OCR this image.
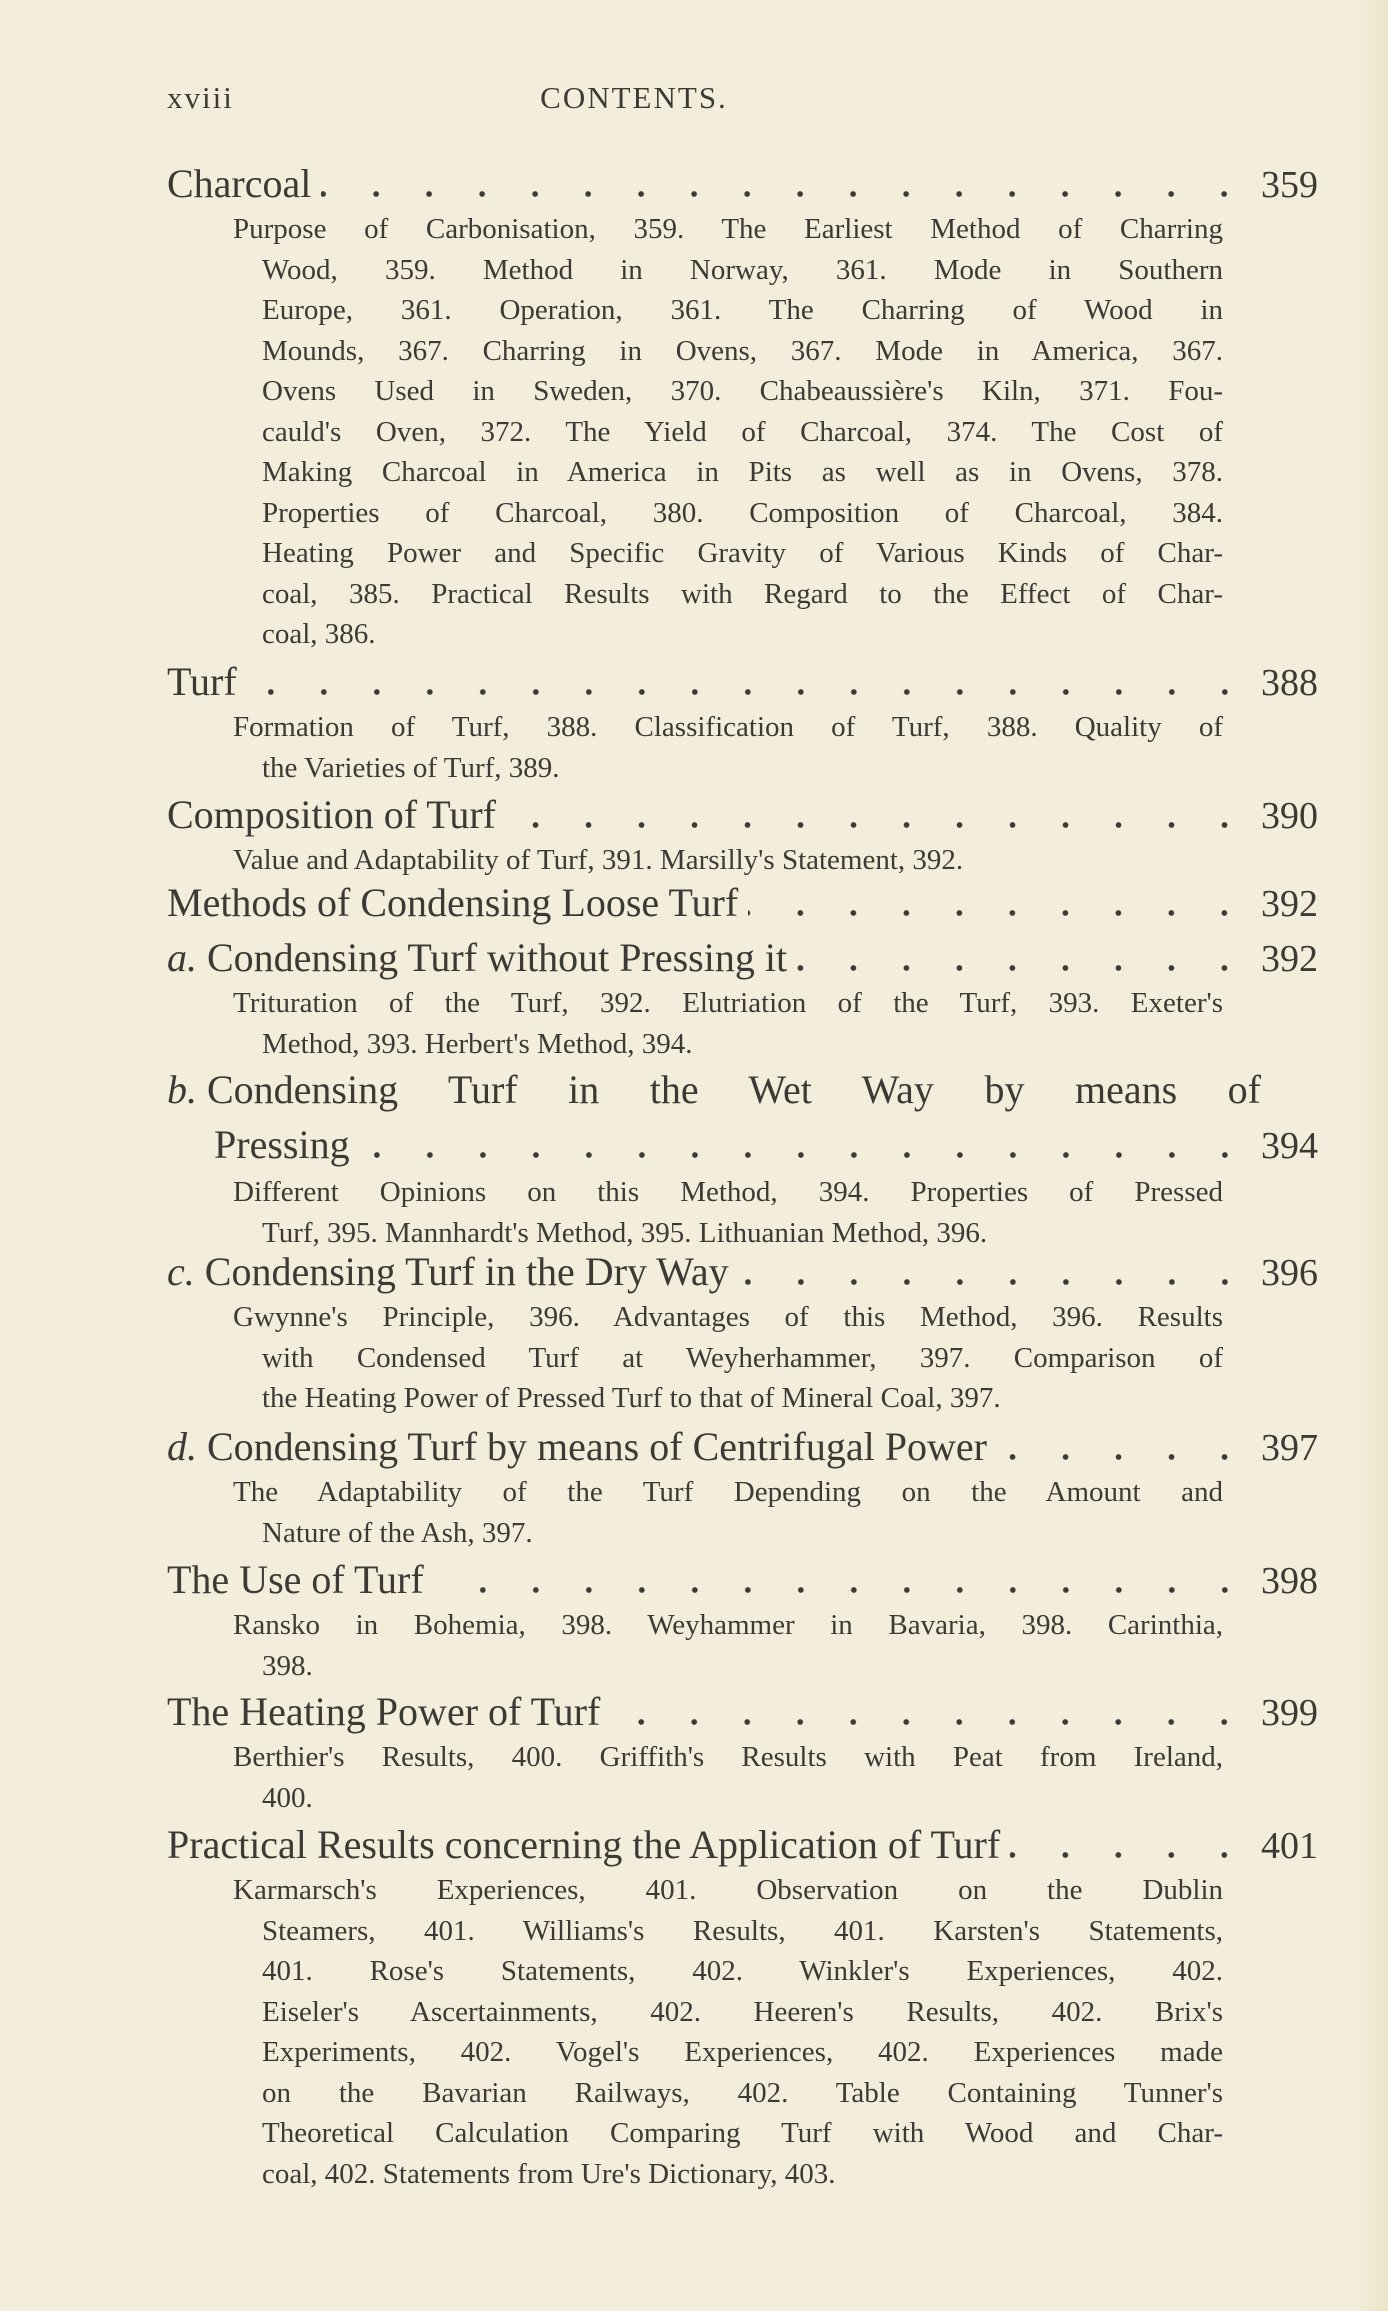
xviii	CONTENTS.
Charcoal	359
Purpose of Carbonisation, 359. The Earliest Method of Charring
Wood, 359. Method in Norway, 361. Mode in Southern
Europe, 361. Operation, 361. The Charring of Wood in
Mounds, 367. Charring in Ovens, 367. Mode in America, 367.
Ovens Used in Sweden, 370. Chabeaussière's Kiln, 371. Fou-
cauld's Oven, 372. The Yield of Charcoal, 374. The Cost of
Making Charcoal in America in Pits as well as in Ovens, 378.
Properties of Charcoal, 380. Composition of Charcoal, 384.
Heating Power and Specific Gravity of Various Kinds of Char-
coal, 385. Practical Results with Regard to the Effect of Char-
coal, 386.
Turf	388
Formation of Turf, 388. Classification of Turf, 388. Quality of
the Varieties of Turf, 389.
Composition of Turf	390
Value and Adaptability of Turf, 391. Marsilly's Statement, 392.
Methods of Condensing Loose Turf	392
a. Condensing Turf without Pressing it	392
Trituration of the Turf, 392. Elutriation of the Turf, 393. Exeter's
Method, 393. Herbert's Method, 394.
b. Condensing Turf in the Wet Way by means of
Pressing	394
Different Opinions on this Method, 394. Properties of Pressed
Turf, 395. Mannhardt's Method, 395. Lithuanian Method, 396.
c. Condensing Turf in the Dry Way	396
Gwynne's Principle, 396. Advantages of this Method, 396. Results
with Condensed Turf at Weyherhammer, 397. Comparison of
the Heating Power of Pressed Turf to that of Mineral Coal, 397.
d. Condensing Turf by means of Centrifugal Power	397
The Adaptability of the Turf Depending on the Amount and
Nature of the Ash, 397.
The Use of Turf	398
Ransko in Bohemia, 398. Weyhammer in Bavaria, 398. Carinthia,
398.
The Heating Power of Turf	399
Berthier's Results, 400. Griffith's Results with Peat from Ireland,
400.
Practical Results concerning the Application of Turf	401
Karmarsch's Experiences, 401. Observation on the Dublin
Steamers, 401. Williams's Results, 401. Karsten's Statements,
401. Rose's Statements, 402. Winkler's Experiences, 402.
Eiseler's Ascertainments, 402. Heeren's Results, 402. Brix's
Experiments, 402. Vogel's Experiences, 402. Experiences made
on the Bavarian Railways, 402. Table Containing Tunner's
Theoretical Calculation Comparing Turf with Wood and Char-
coal, 402. Statements from Ure's Dictionary, 403.
